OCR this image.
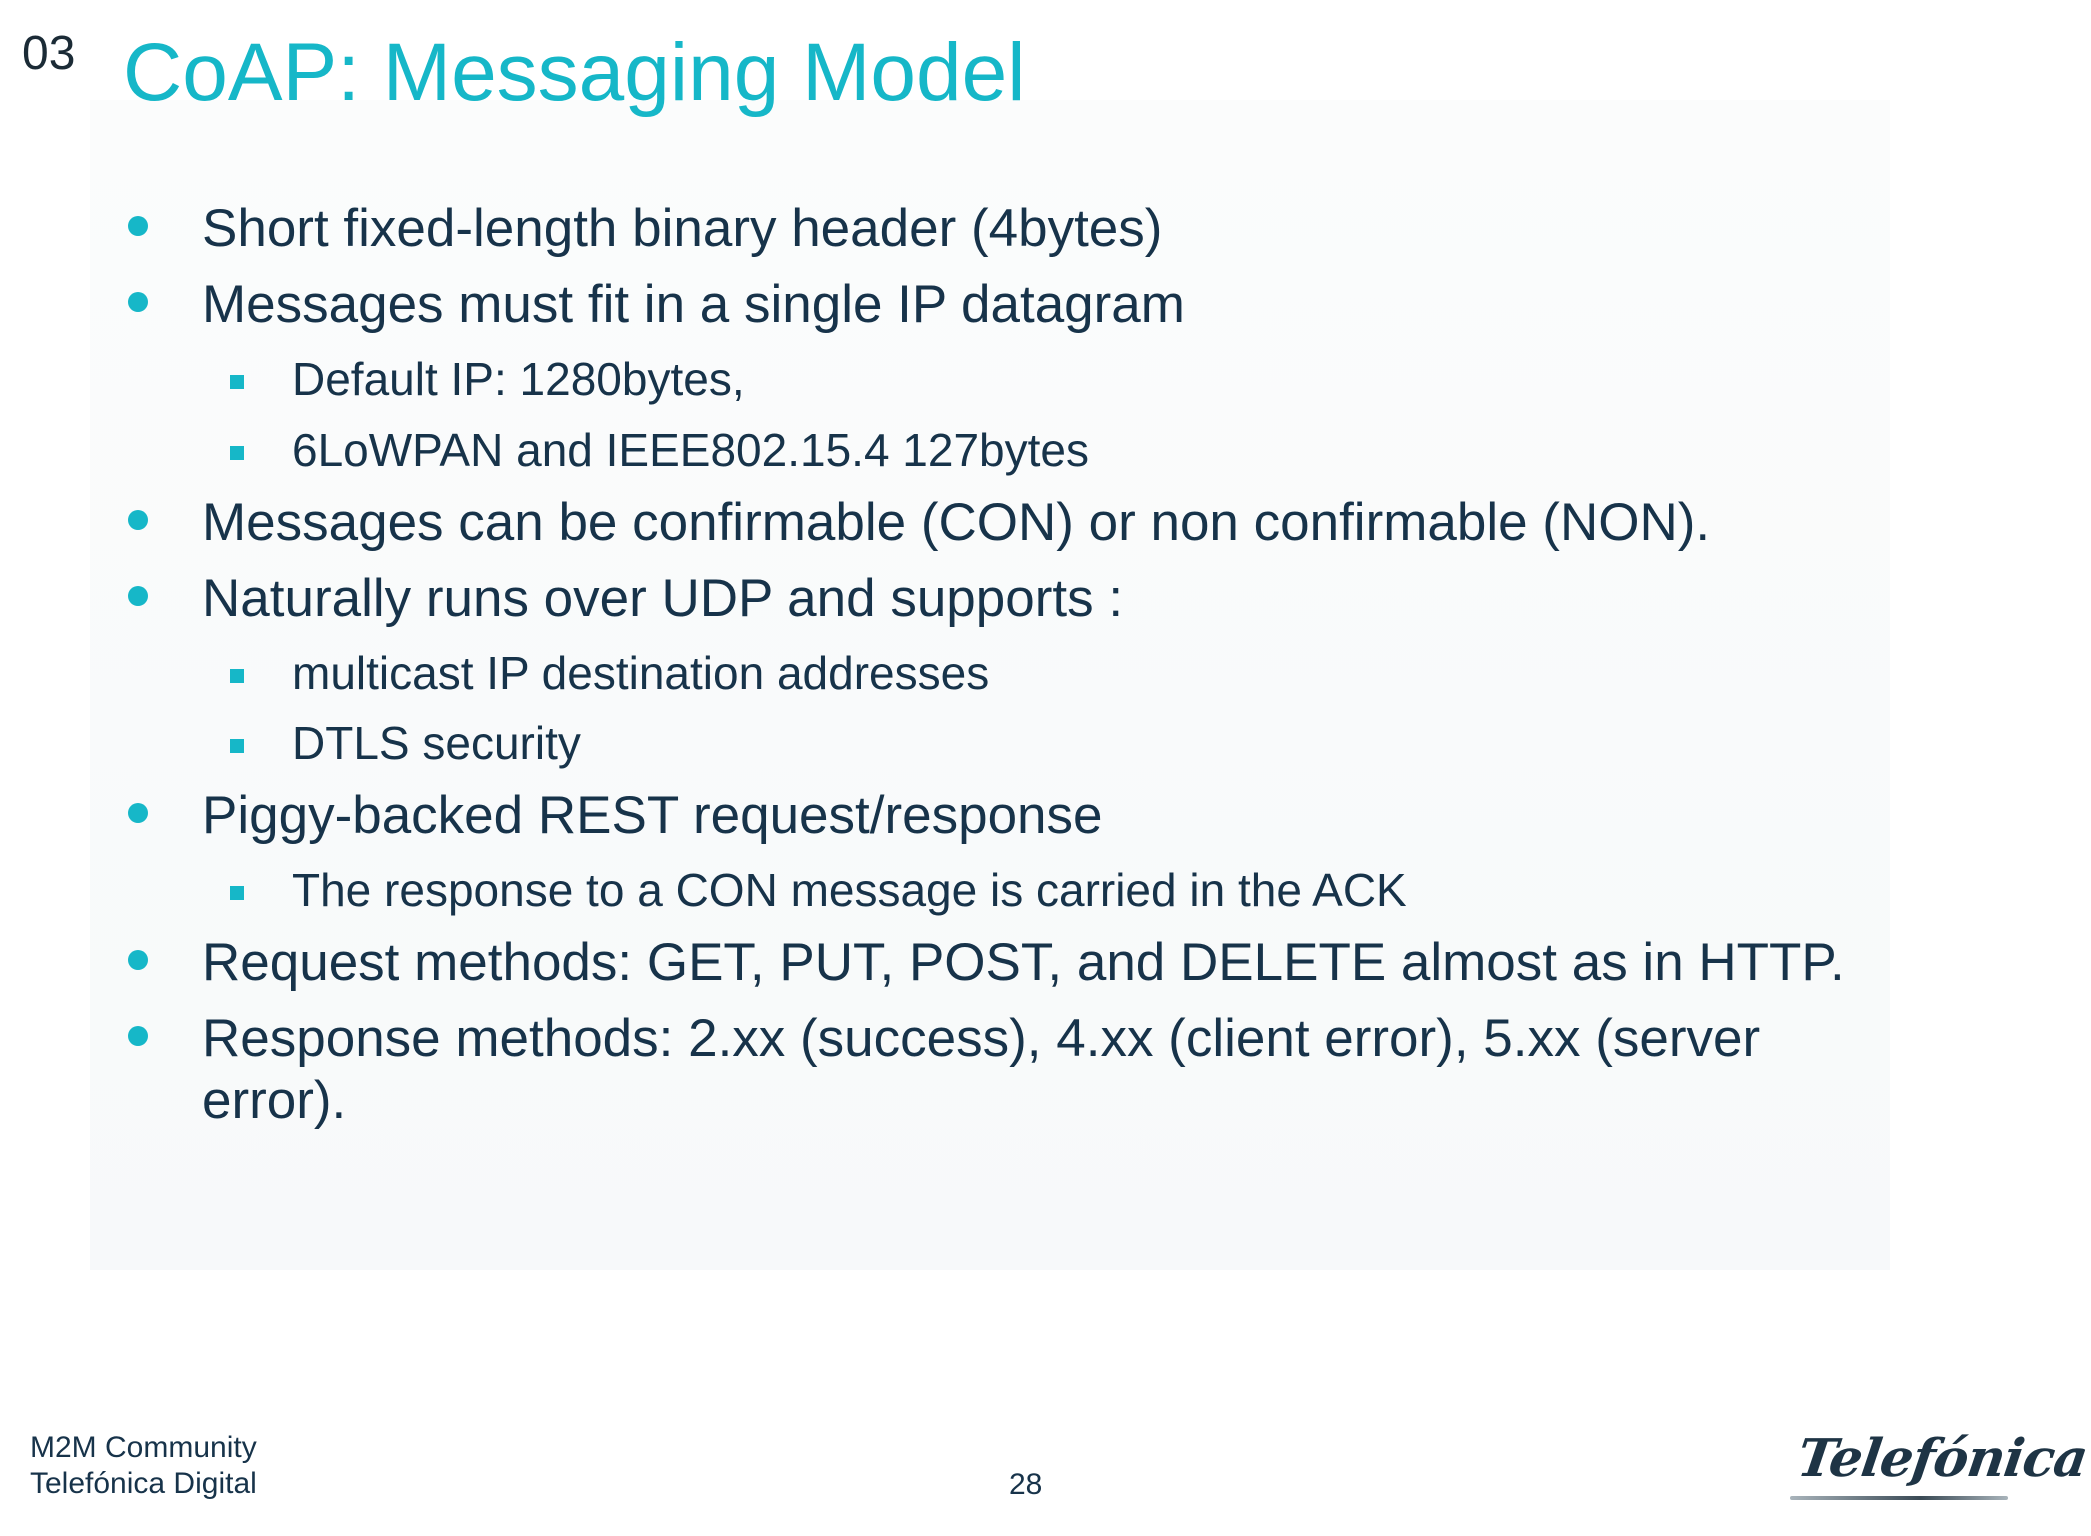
03 CoAP: Messaging Model
Short fixed-length binary header (4bytes)
Messages must fit in a single IP datagram
Default IP: 1280bytes,
6LoWPAN and IEEE802.15.4 127bytes
Messages can be confirmable (CON) or non confirmable (NON).
Naturally runs over UDP and supports :
multicast IP destination addresses
DTLS security
Piggy-backed REST request/response
The response to a CON message is carried in the ACK
Request methods: GET, PUT, POST, and DELETE almost as in HTTP.
Response methods: 2.xx (success), 4.xx (client error), 5.xx (server error).
M2M Community
Telefónica Digital	28	Telefónica
